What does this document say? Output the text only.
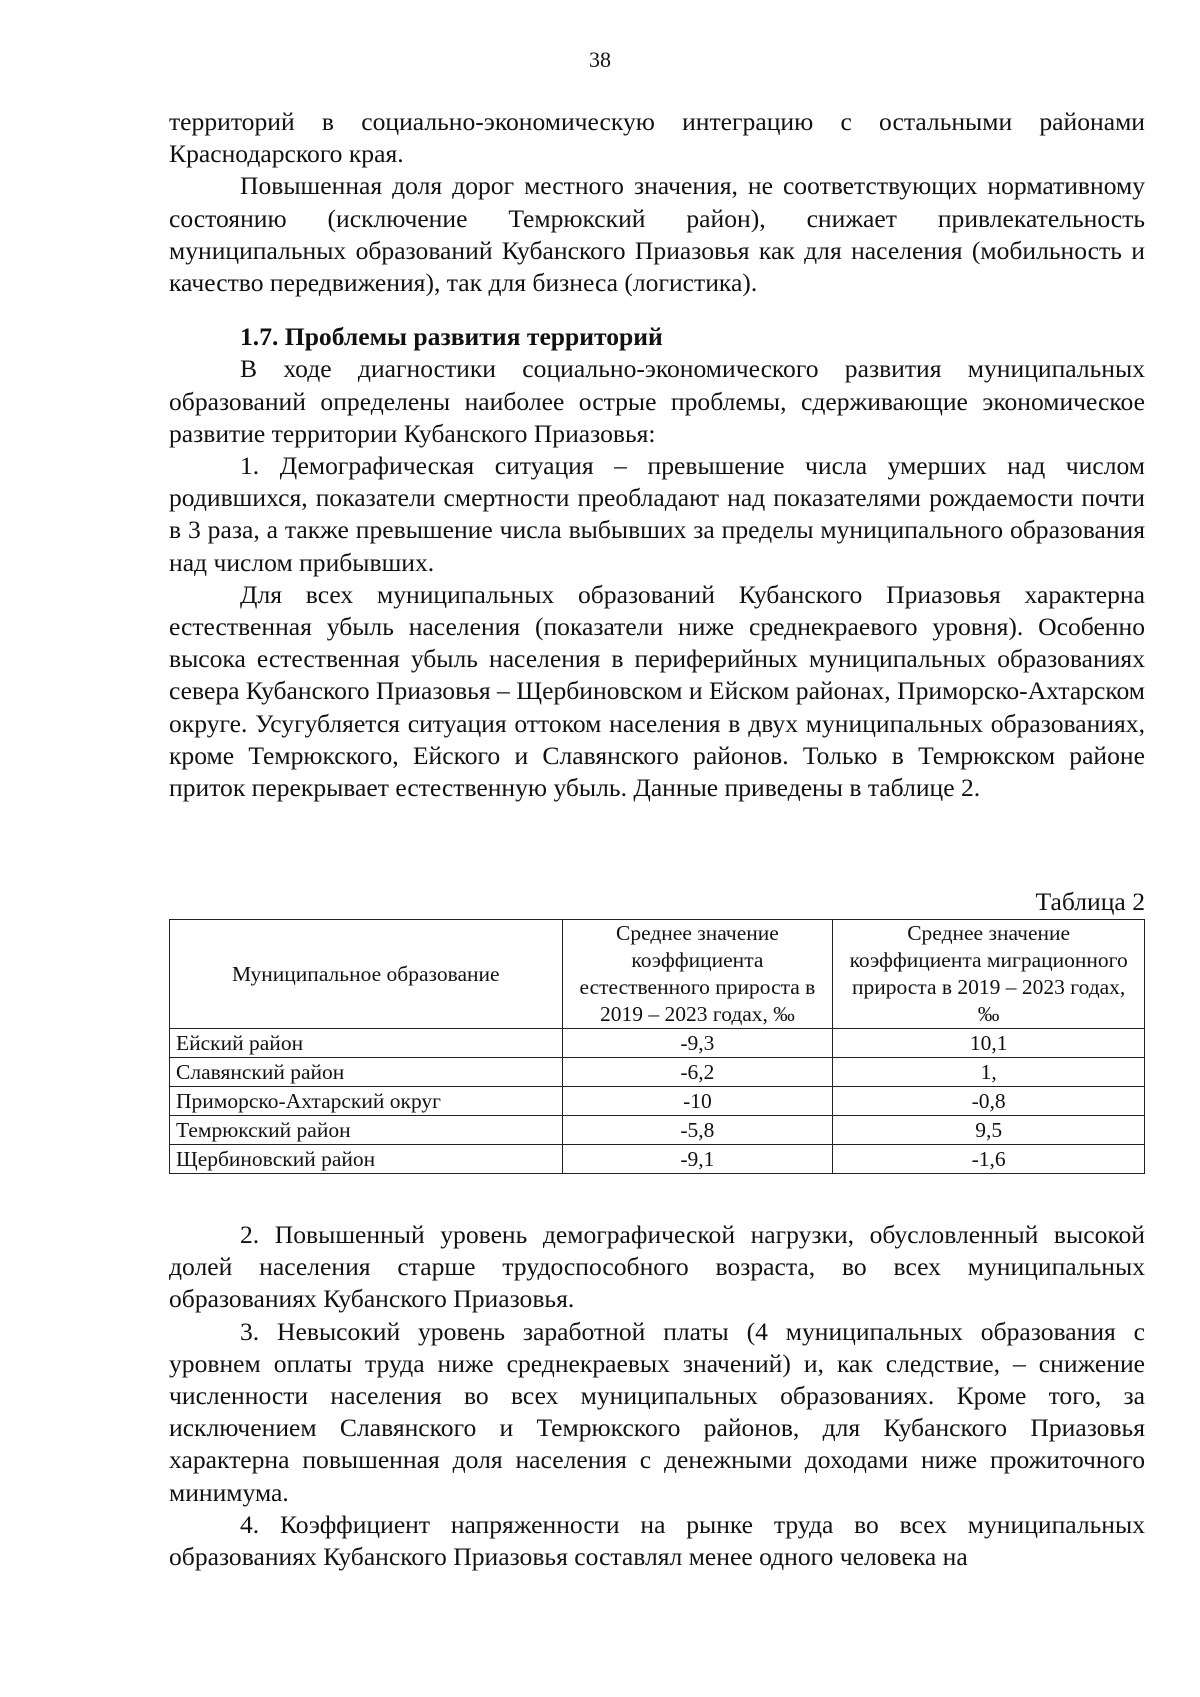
38

территорий в социально-экономическую интеграцию с остальными районами Краснодарского края.

Повышенная доля дорог местного значения, не соответствующих нормативному состоянию (исключение Темрюкский район), снижает привлекательность муниципальных образований Кубанского Приазовья как для населения (мобильность и качество передвижения), так для бизнеса (логистика).

1.7. Проблемы развития территорий

В ходе диагностики социально-экономического развития муниципальных образований определены наиболее острые проблемы, сдерживающие экономическое развитие территории Кубанского Приазовья:

1. Демографическая ситуация – превышение числа умерших над числом родившихся, показатели смертности преобладают над показателями рождаемости почти в 3 раза, а также превышение числа выбывших за пределы муниципального образования над числом прибывших.

Для всех муниципальных образований Кубанского Приазовья характерна естественная убыль населения (показатели ниже среднекраевого уровня). Особенно высока естественная убыль населения в периферийных муниципальных образованиях севера Кубанского Приазовья – Щербиновском и Ейском районах, Приморско-Ахтарском округе. Усугубляется ситуация оттоком населения в двух муниципальных образованиях, кроме Темрюкского, Ейского и Славянского районов. Только в Темрюкском районе приток перекрывает естественную убыль. Данные приведены в таблице 2.

Таблица 2
Муниципальное образование	Среднее значение коэффициента естественного прироста в 2019 – 2023 годах, ‰	Среднее значение коэффициента миграционного прироста в 2019 – 2023 годах, ‰
Ейский район	-9,3	10,1
Славянский район	-6,2	1,
Приморско-Ахтарский округ	-10	-0,8
Темрюкский район	-5,8	9,5
Щербиновский район	-9,1	-1,6

2. Повышенный уровень демографической нагрузки, обусловленный высокой долей населения старше трудоспособного возраста, во всех муниципальных образованиях Кубанского Приазовья.

3. Невысокий уровень заработной платы (4 муниципальных образования с уровнем оплаты труда ниже среднекраевых значений) и, как следствие, – снижение численности населения во всех муниципальных образованиях. Кроме того, за исключением Славянского и Темрюкского районов, для Кубанского Приазовья характерна повышенная доля населения с денежными доходами ниже прожиточного минимума.

4. Коэффициент напряженности на рынке труда во всех муниципальных образованиях Кубанского Приазовья составлял менее одного человека на
